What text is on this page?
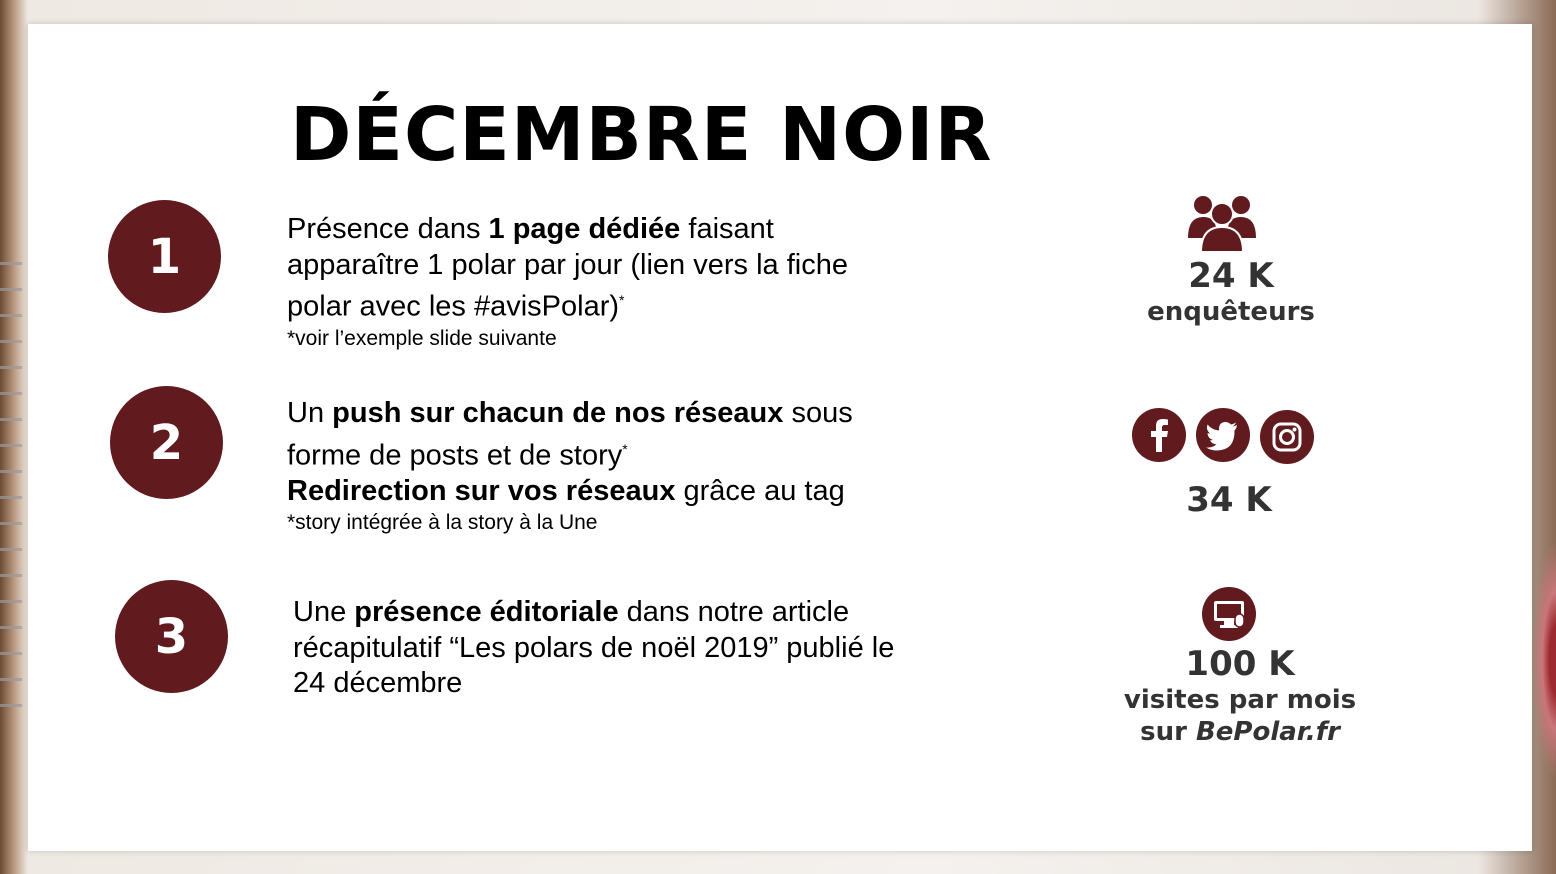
DÉCEMBRE NOIR
1	Présence dans 1 page dédiée faisant apparaître 1 polar par jour (lien vers la fiche polar avec les #avisPolar)*
*voir l’exemple slide suivante
2
Un push sur chacun de nos réseaux sous forme de posts et de story*
Redirection sur vos réseaux grâce au tag
*story intégrée à la story à la Une
3	Une présence éditoriale dans notre article récapitulatif “Les polars de noël 2019” publié le 24 décembre
24 K
enquêteurs
34 K
100 K
visites par mois
sur BePolar.fr
